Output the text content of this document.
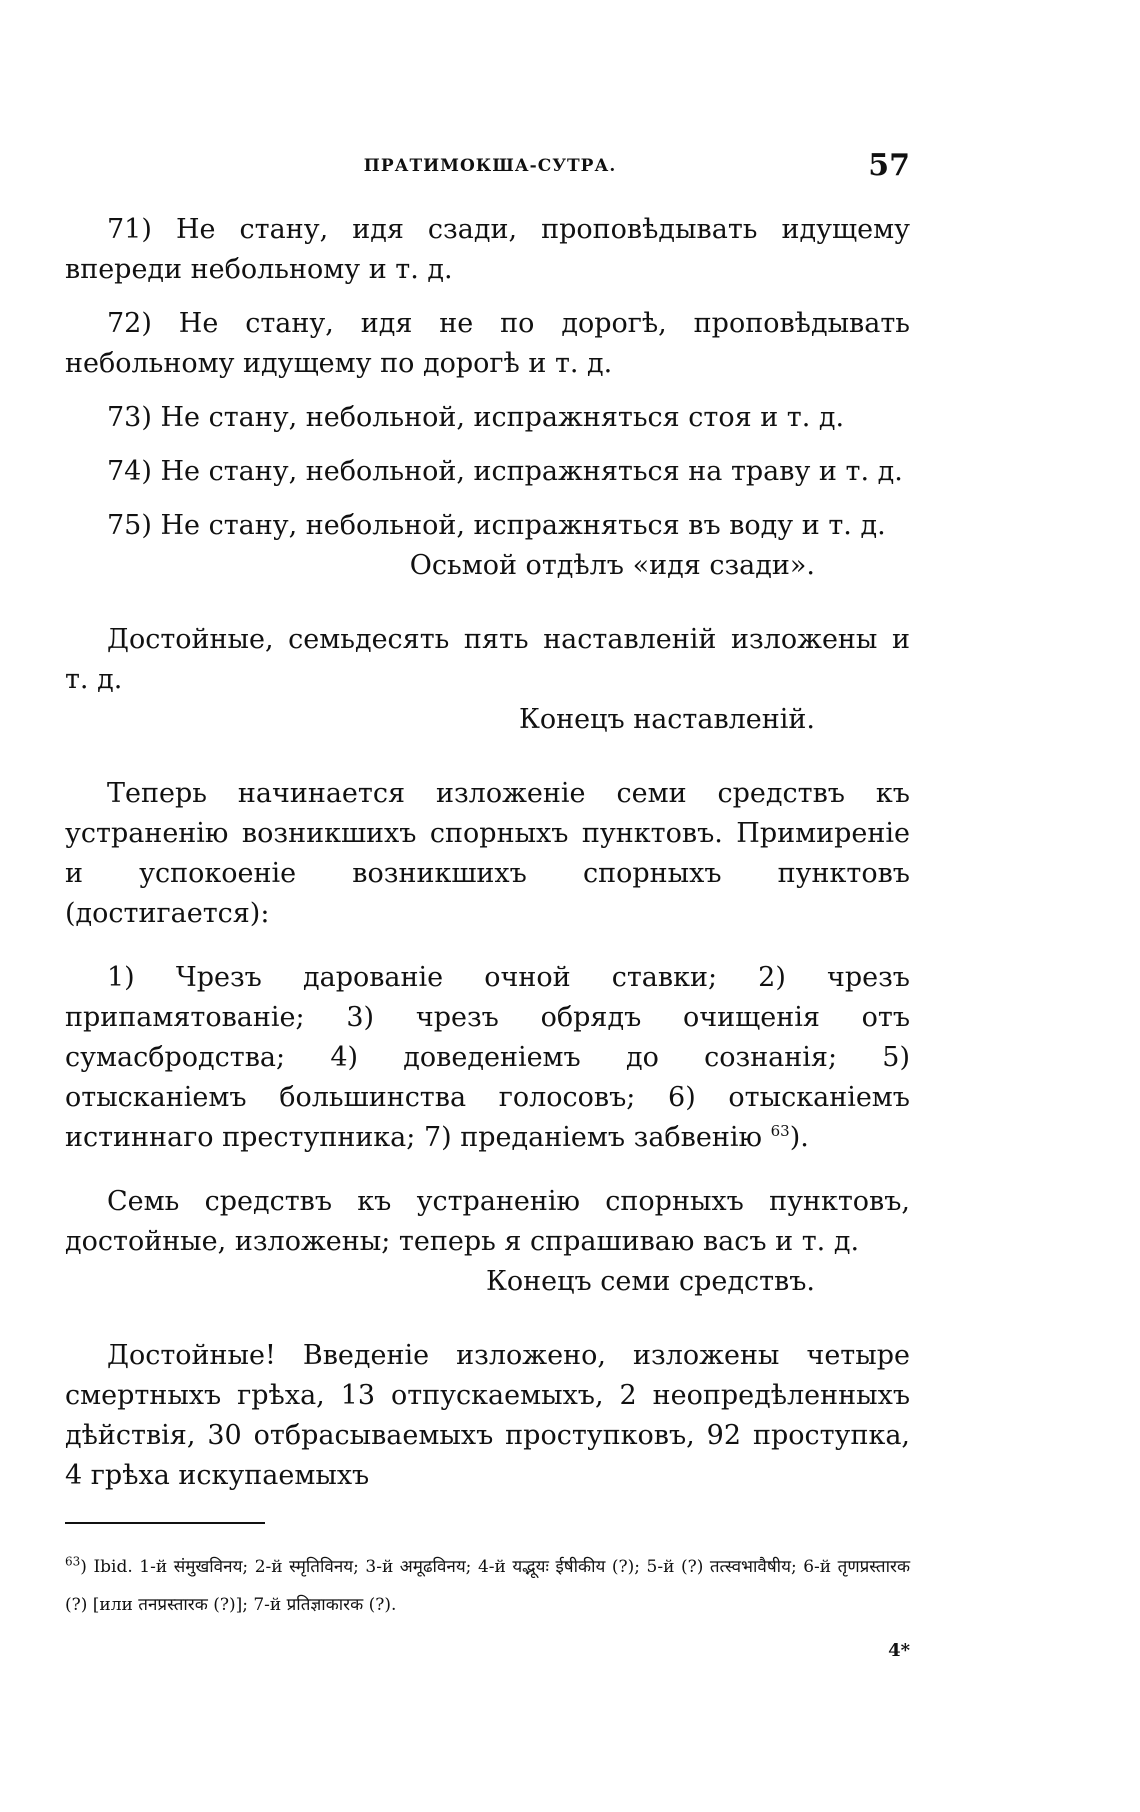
ПРАТИМОКША-СУТРА.	57

71) Не стану, идя сзади, проповѣдывать идущему впереди небольному и т. д.

72) Не стану, идя не по дорогѣ, проповѣдывать небольному идущему по дорогѣ и т. д.

73) Не стану, небольной, испражняться стоя и т. д.

74) Не стану, небольной, испражняться на траву и т. д.

75) Не стану, небольной, испражняться въ воду и т. д.

Осьмой отдѣлъ «идя сзади».

Достойные, семьдесять пять наставленій изложены и т. д.

Конецъ наставленій.

Теперь начинается изложеніе семи средствъ къ устраненію возникшихъ спорныхъ пунктовъ. Примиреніе и успокоеніе возникшихъ спорныхъ пунктовъ (достигается):

1) Чрезъ дарованіе очной ставки; 2) чрезъ припамятованіе; 3) чрезъ обрядъ очищенія отъ сумасбродства; 4) доведеніемъ до сознанія; 5) отысканіемъ большинства голосовъ; 6) отысканіемъ истиннаго преступника; 7) преданіемъ забвенію $^{63}$).

Семь средствъ къ устраненію спорныхъ пунктовъ, достойные, изложены; теперь я спрашиваю васъ и т. д.

Конецъ семи средствъ.

Достойные! Введеніе изложено, изложены четыре смертныхъ грѣха, 13 отпускаемыхъ, 2 неопредѣленныхъ дѣйствія, 30 отбрасываемыхъ проступковъ, 92 проступка, 4 грѣха искупаемыхъ

$^{63}$) Ibid. 1-й संमुखविनय; 2-й स्मृतिविनय; 3-й अमूढविनय; 4-й यद्भूयः ईषीकीय (?); 5-й (?) तत्स्वभावैषीय; 6-й तृणप्रस्तारक (?) [или तनप्रस्तारक (?)]; 7-й प्रतिज्ञाकारक (?).
4*
